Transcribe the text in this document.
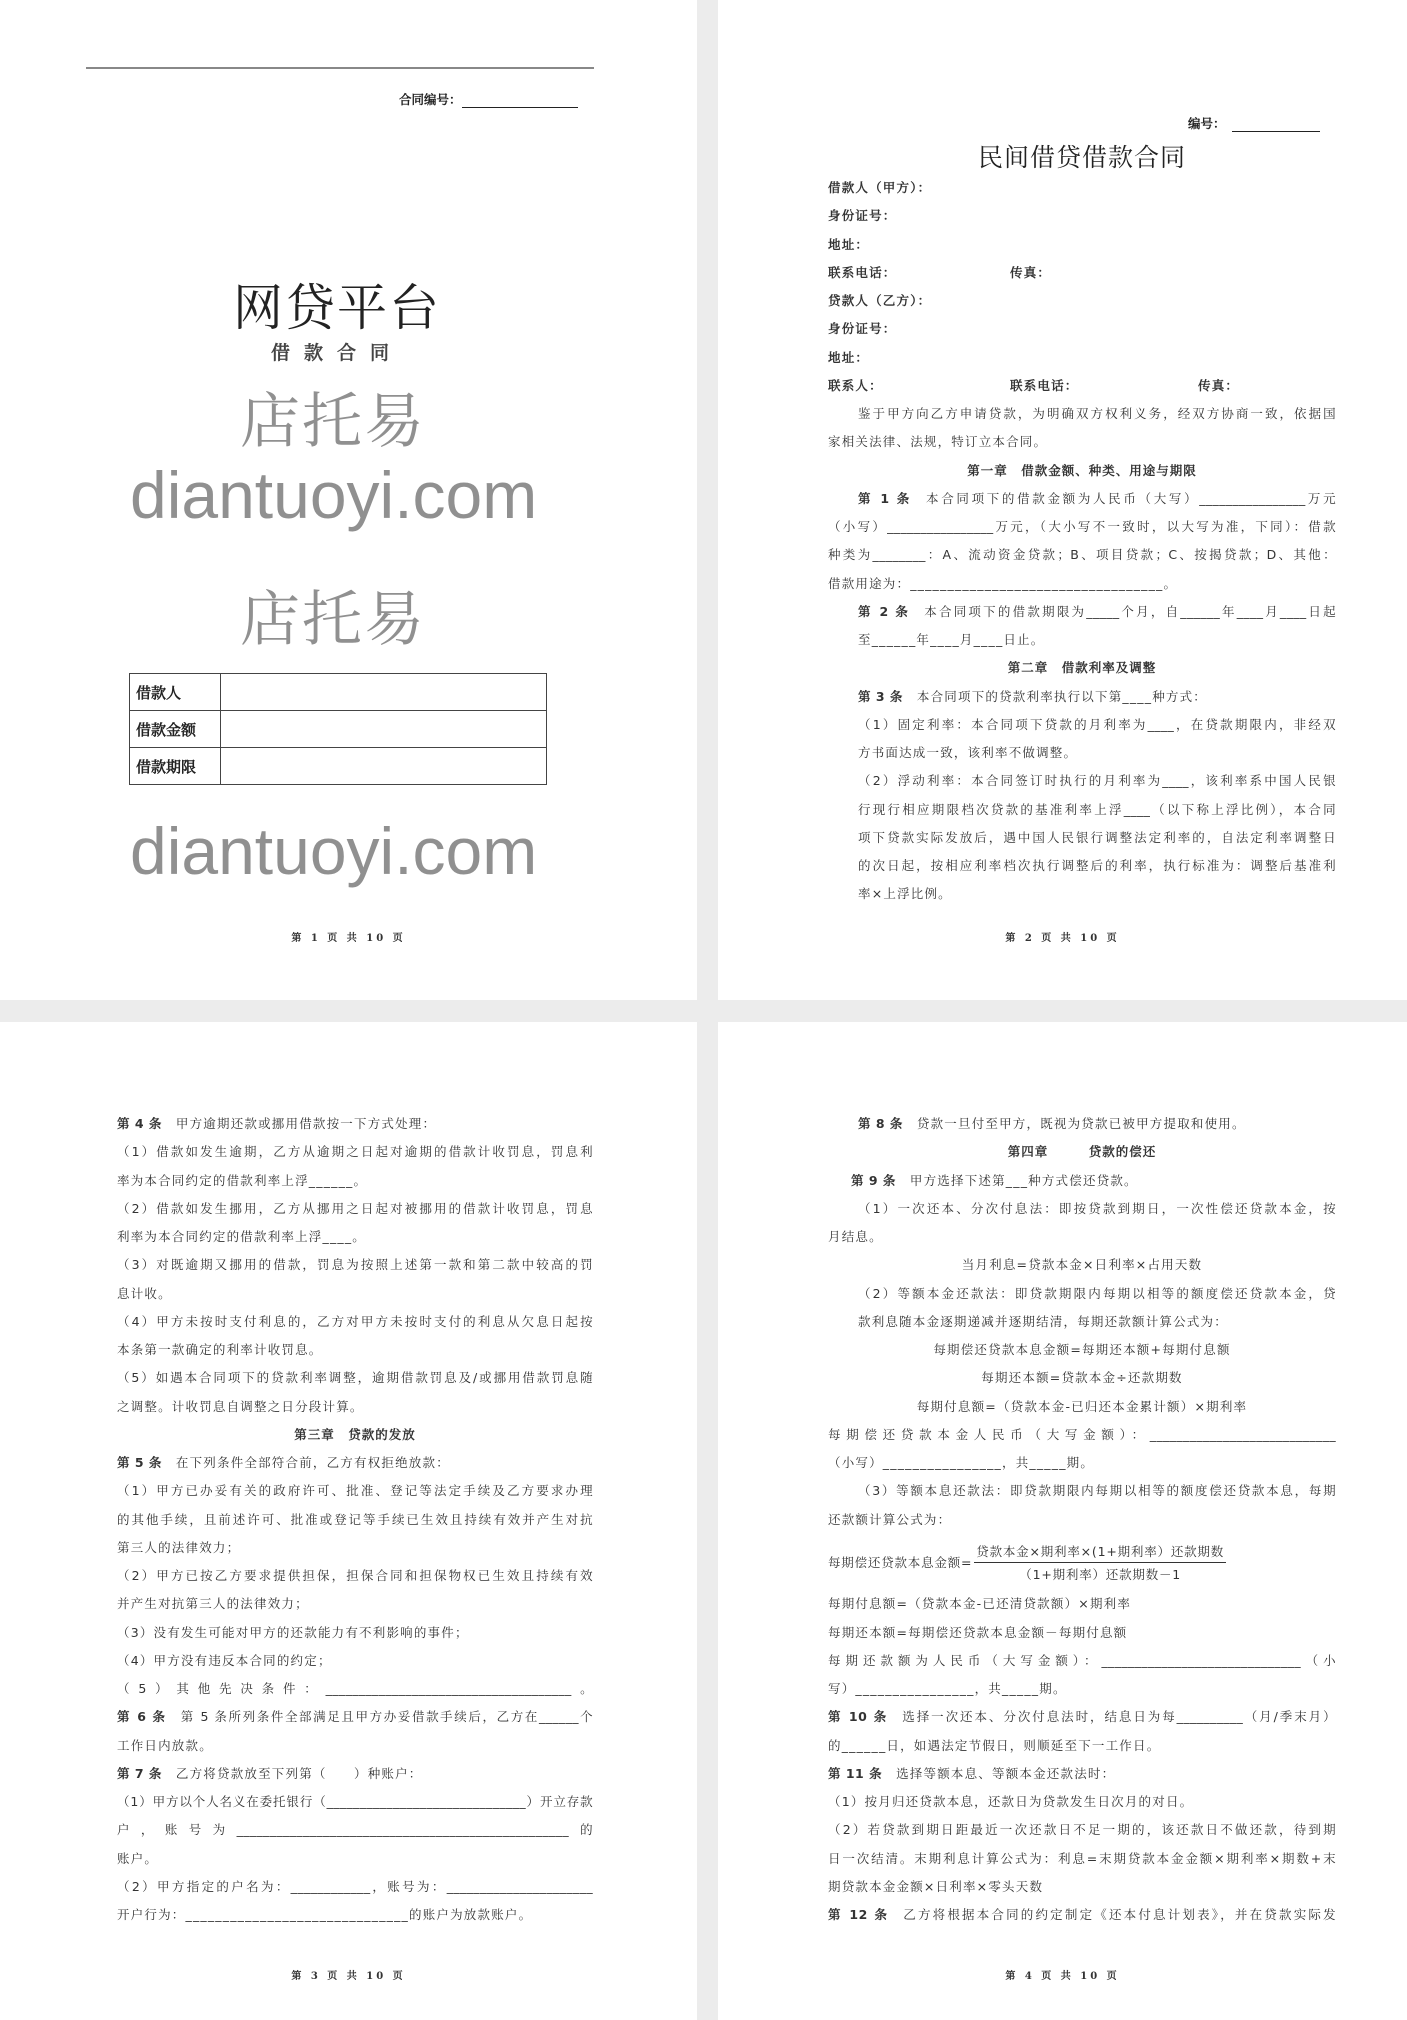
合同编号：
网贷平台
借款合同
借款人	
借款金额	
借款期限	
第 1 页 共 10 页
编号：
民间借贷借款合同
借款人（甲方）：
身份证号：
地址：
联系电话：	传真：
贷款人（乙方）：
身份证号：
地址：
联系人：	联系电话：	传真：
鉴于甲方向乙方申请贷款，为明确双方权利义务，经双方协商一致，依据国
家相关法律、法规，特订立本合同。
第一章　借款金额、种类、用途与期限
第 1 条 本合同项下的借款金额为人民币（大写）________________万元
（小写）________________万元，（大小写不一致时，以大写为准，下同）：借款
种类为________：A、流动资金贷款；B、项目贷款；C、按揭贷款；D、其他：
借款用途为：__________________________________。
第 2 条 本合同项下的借款期限为_____个月，自______年____月____日起
至______年____月____日止。
第二章　借款利率及调整
第 3 条 本合同项下的贷款利率执行以下第____种方式：
（1）固定利率：本合同项下贷款的月利率为____，在贷款期限内，非经双
方书面达成一致，该利率不做调整。
（2）浮动利率：本合同签订时执行的月利率为____，该利率系中国人民银
行现行相应期限档次贷款的基准利率上浮____（以下称上浮比例），本合同
项下贷款实际发放后，遇中国人民银行调整法定利率的，自法定利率调整日
的次日起，按相应利率档次执行调整后的利率，执行标准为：调整后基准利
率×上浮比例。
第 2 页 共 10 页
第 4 条 甲方逾期还款或挪用借款按一下方式处理：
（1）借款如发生逾期，乙方从逾期之日起对逾期的借款计收罚息，罚息利
率为本合同约定的借款利率上浮______。
（2）借款如发生挪用，乙方从挪用之日起对被挪用的借款计收罚息，罚息
利率为本合同约定的借款利率上浮____。
（3）对既逾期又挪用的借款，罚息为按照上述第一款和第二款中较高的罚
息计收。
（4）甲方未按时支付利息的，乙方对甲方未按时支付的利息从欠息日起按
本条第一款确定的利率计收罚息。
（5）如遇本合同项下的贷款利率调整，逾期借款罚息及/或挪用借款罚息随
之调整。计收罚息自调整之日分段计算。
第三章　贷款的发放
第 5 条 在下列条件全部符合前，乙方有权拒绝放款：
（1）甲方已办妥有关的政府许可、批准、登记等法定手续及乙方要求办理
的其他手续，且前述许可、批准或登记等手续已生效且持续有效并产生对抗
第三人的法律效力；
（2）甲方已按乙方要求提供担保，担保合同和担保物权已生效且持续有效
并产生对抗第三人的法律效力；
（3）没有发生可能对甲方的还款能力有不利影响的事件；
（4）甲方没有违反本合同的约定；
（5）其他先决条件：_____________________________________。
第 6 条 第 5 条所列条件全部满足且甲方办妥借款手续后，乙方在______个
工作日内放款。
第 7 条 乙方将贷款放至下列第（　　）种账户：
（1）甲方以个人名义在委托银行（______________________________）开立存款
户，账号为__________________________________________________的
账户。
（2）甲方指定的户名为：____________，账号为：______________________
开户行为：______________________________的账户为放款账户。
第 3 页 共 10 页
第 8 条 贷款一旦付至甲方，既视为贷款已被甲方提取和使用。
第四章　　　贷款的偿还
第 9 条 甲方选择下述第___种方式偿还贷款。
（1）一次还本、分次付息法：即按贷款到期日，一次性偿还贷款本金，按
月结息。
当月利息=贷款本金×日利率×占用天数
（2）等额本金还款法：即贷款期限内每期以相等的额度偿还贷款本金，贷
款利息随本金逐期递减并逐期结清，每期还款额计算公式为：
每期偿还贷款本息金额=每期还本额+每期付息额
每期还本额=贷款本金÷还款期数
每期付息额=（贷款本金-已归还本金累计额）×期利率
每期偿还贷款本金人民币（大写金额）：____________________________
（小写）________________，共_____期。
（3）等额本息还款法：即贷款期限内每期以相等的额度偿还贷款本息，每期
还款额计算公式为：
每期偿还贷款本息金额= $\frac{\text{贷款本金×期利率×(1+期利率）还款期数}}{\text{（1+期利率）还款期数－1}}$
每期付息额=（贷款本金-已还清贷款额）×期利率
每期还本额=每期偿还贷款本息金额－每期付息额
每期还款额为人民币（大写金额）：______________________________（小
写）________________，共_____期。
第 10 条 选择一次还本、分次付息法时，结息日为每__________（月/季末月）
的______日，如遇法定节假日，则顺延至下一工作日。
第 11 条 选择等额本息、等额本金还款法时：
（1）按月归还贷款本息，还款日为贷款发生日次月的对日。
（2）若贷款到期日距最近一次还款日不足一期的，该还款日不做还款，待到期
日一次结清。末期利息计算公式为：利息=末期贷款本金金额×期利率×期数+末
期贷款本金金额×日利率×零头天数
第 12 条 乙方将根据本合同的约定制定《还本付息计划表》，并在贷款实际发
第 4 页 共 10 页
店托易
diantuoyi.com
店托易
diantuoyi.com
